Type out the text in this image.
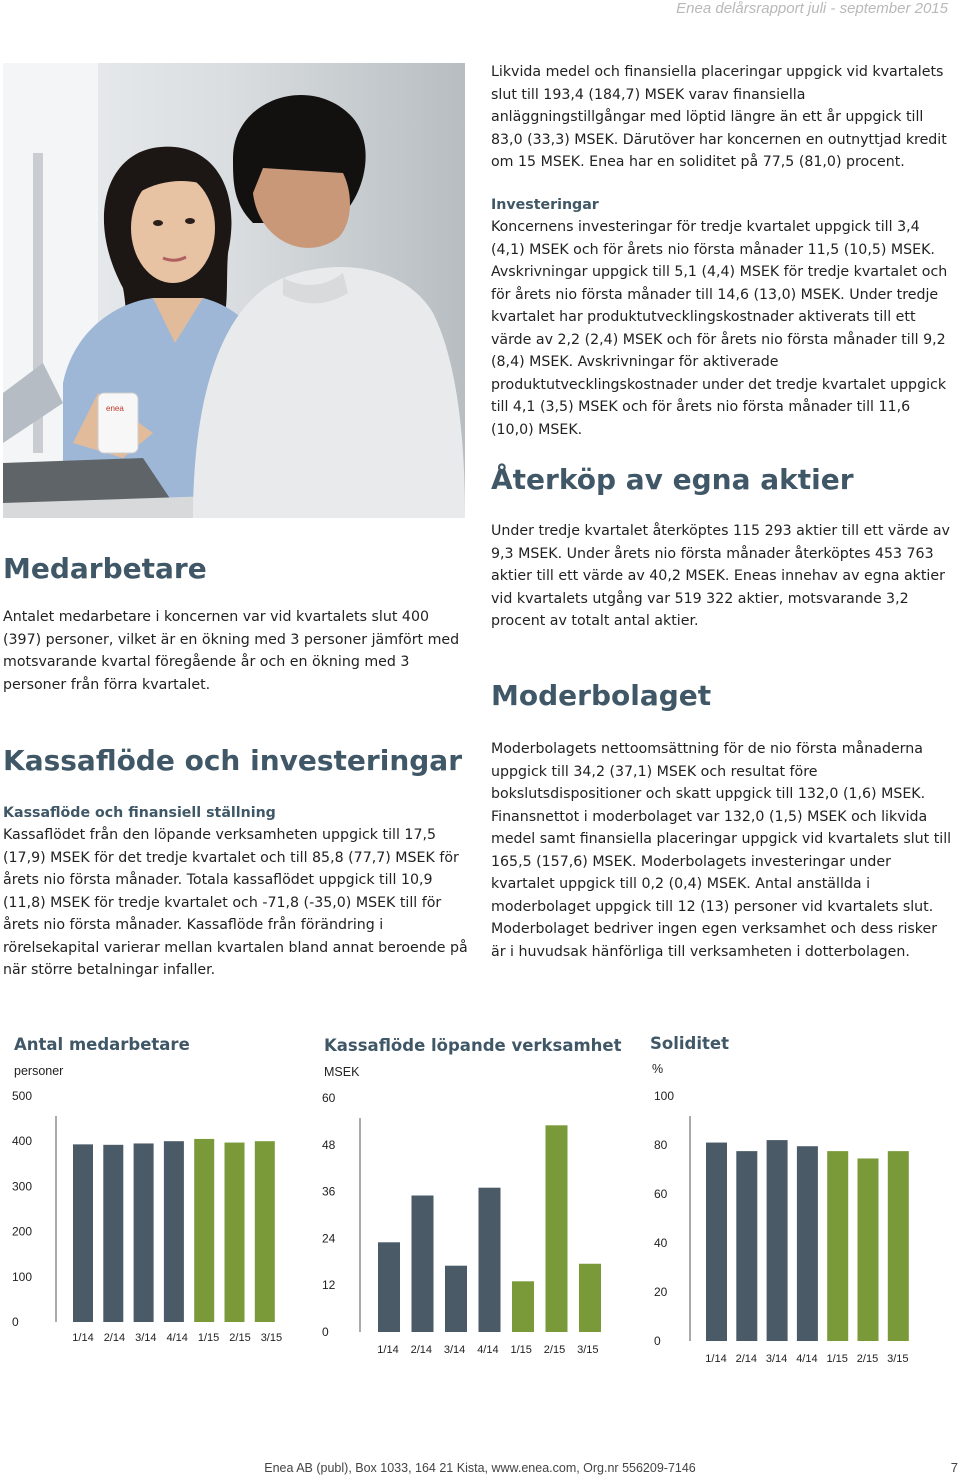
Enea delårsrapport juli - september 2015
enea

Likvida medel och finansiella placeringar uppgick vid kvartalets slut till 193,4 (184,7) MSEK varav finansiella anläggningstillgångar med löptid längre än ett år uppgick till 83,0 (33,3) MSEK. Därutöver har koncernen en outnyttjad kredit om 15 MSEK. Enea har en soliditet på 77,5 (81,0) procent.

Investeringar
Koncernens investeringar för tredje kvartalet uppgick till 3,4 (4,1) MSEK och för årets nio första månader 11,5 (10,5) MSEK. Avskrivningar uppgick till 5,1 (4,4) MSEK för tredje kvartalet och för årets nio första månader till 14,6 (13,0) MSEK. Under tredje kvartalet har produktutvecklingskostnader aktiverats till ett värde av 2,2 (2,4) MSEK och för årets nio första månader till 9,2 (8,4) MSEK. Avskrivningar för aktiverade produktutvecklingskostnader under det tredje kvartalet uppgick till 4,1 (3,5) MSEK och för årets nio första månader till 11,6 (10,0) MSEK.
Återköp av egna aktier
Under tredje kvartalet återköptes 115 293 aktier till ett värde av 9,3 MSEK. Under årets nio första månader återköptes 453 763 aktier till ett värde av 40,2 MSEK. Eneas innehav av egna aktier vid kvartalets utgång var 519 322 aktier, motsvarande 3,2 procent av totalt antal aktier.
Moderbolaget
Moderbolagets nettoomsättning för de nio första månaderna uppgick till 34,2 (37,1) MSEK och resultat före bokslutsdispositioner och skatt uppgick till 132,0 (1,6) MSEK. Finansnettot i moderbolaget var 132,0 (1,5) MSEK och likvida medel samt finansiella placeringar uppgick vid kvartalets slut till 165,5 (157,6) MSEK. Moderbolagets investeringar under kvartalet uppgick till 0,2 (0,4) MSEK. Antal anställda i moderbolaget uppgick till 12 (13) personer vid kvartalets slut. Moderbolaget bedriver ingen egen verksamhet och dess risker är i huvudsak hänförliga till verksamheten i dotterbolagen.
Medarbetare
Antalet medarbetare i koncernen var vid kvartalets slut 400 (397) personer, vilket är en ökning med 3 personer jämfört med motsvarande kvartal föregående år och en ökning med 3 personer från förra kvartalet.
Kassaflöde och investeringar
Kassaflöde och finansiell ställning
Kassaflödet från den löpande verksamheten uppgick till 17,5 (17,9) MSEK för det tredje kvartalet och till 85,8 (77,7) MSEK för årets nio första månader. Totala kassaflödet uppgick till 10,9 (11,8) MSEK för tredje kvartalet och -71,8 (-35,0) MSEK till för årets nio första månader. Kassaflöde från förändring i rörelsekapital varierar mellan kvartalen bland annat beroende på när större betalningar infaller.
Antal medarbetare
personer
Kassaflöde löpande verksamhet
MSEK
Soliditet
%
500
400
300
200
100
0
1/14 2/14 3/14 4/14 1/15 2/15 3/15
60
48
36
24
12
0
1/14 2/14 3/14 4/14 1/15 2/15 3/15
100
80
60
40
20
0
1/14 2/14 3/14 4/14 1/15 2/15 3/15
Enea AB (publ), Box 1033, 164 21 Kista, www.enea.com, Org.nr 556209-7146	7
